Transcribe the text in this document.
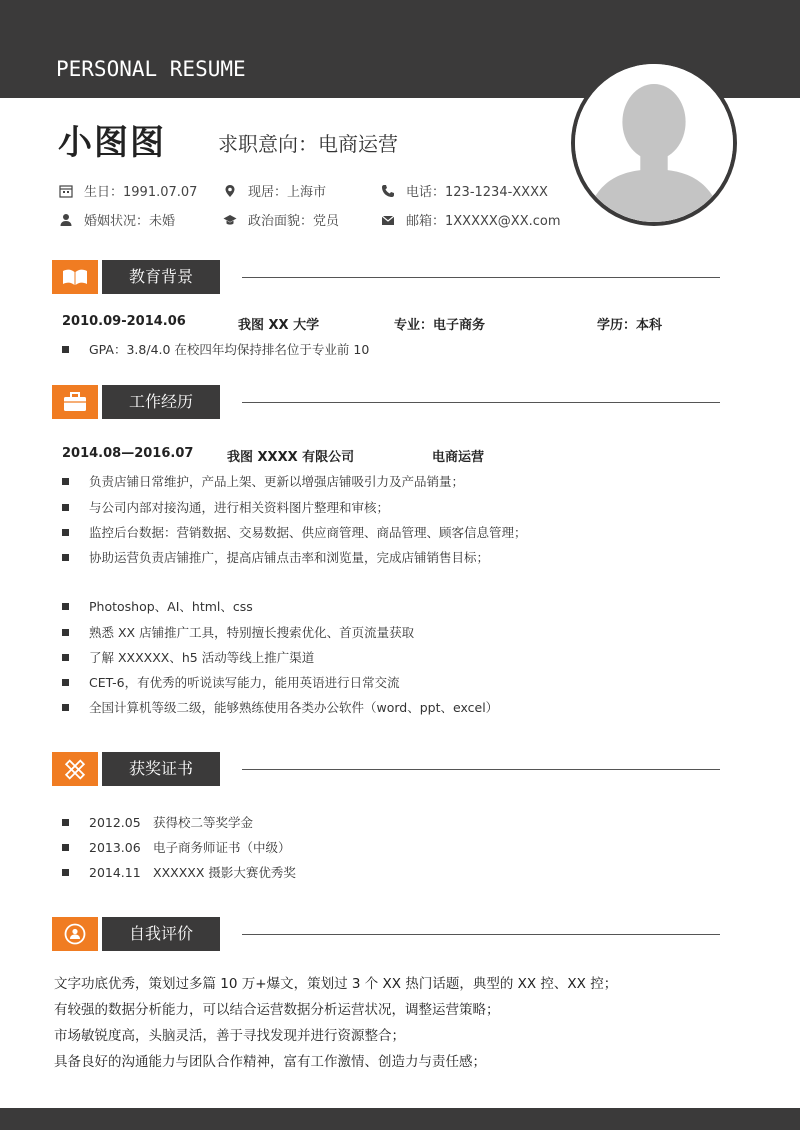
PERSONAL RESUME
小图图	求职意向：电商运营
生日：1991.07.07	现居：上海市	电话：123-1234-XXXX
婚姻状况：未婚	政治面貌：党员	邮箱：1XXXXX@XX.com
教育背景
2010.09-2014.06	我图 XX 大学	专业：电子商务	学历：本科
GPA：3.8/4.0 在校四年均保持排名位于专业前 10
工作经历
2014.08—2016.07	我图 XXXX 有限公司	电商运营
负责店铺日常维护，产品上架、更新以增强店铺吸引力及产品销量；
与公司内部对接沟通，进行相关资料图片整理和审核；
监控后台数据：营销数据、交易数据、供应商管理、商品管理、顾客信息管理；
协助运营负责店铺推广，提高店铺点击率和浏览量，完成店铺销售目标；
Photoshop、AI、html、css
熟悉 XX 店铺推广工具，特别擅长搜索优化、首页流量获取
了解 XXXXXX、h5 活动等线上推广渠道
CET-6，有优秀的听说读写能力，能用英语进行日常交流
全国计算机等级二级，能够熟练使用各类办公软件（word、ppt、excel）
获奖证书
2012.05 获得校二等奖学金
2013.06 电子商务师证书（中级）
2014.11 XXXXXX 摄影大赛优秀奖
自我评价
文字功底优秀，策划过多篇 10 万+爆文，策划过 3 个 XX 热门话题，典型的 XX 控、XX 控；
有较强的数据分析能力，可以结合运营数据分析运营状况，调整运营策略；
市场敏锐度高，头脑灵活，善于寻找发现并进行资源整合；
具备良好的沟通能力与团队合作精神，富有工作激情、创造力与责任感；
